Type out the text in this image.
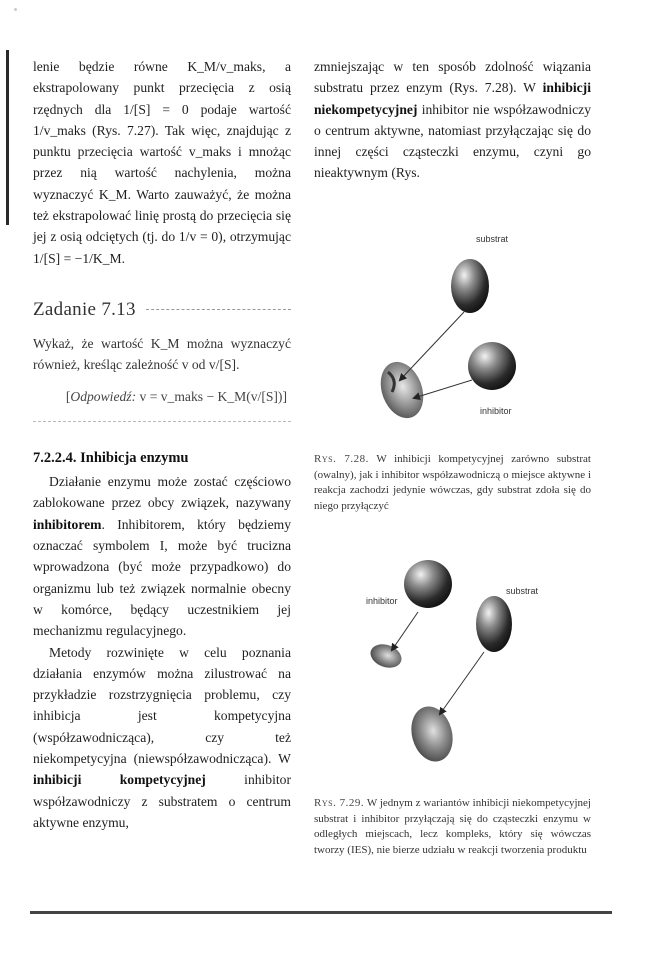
lenie będzie równe K_M/v_maks, a ekstrapolowany punkt przecięcia z osią rzędnych dla 1/[S] = 0 podaje wartość 1/v_maks (Rys. 7.27). Tak więc, znajdując z punktu przecięcia wartość v_maks i mnożąc przez nią wartość nachylenia, można wyznaczyć K_M. Warto zauważyć, że można też ekstrapolować linię prostą do przecięcia się jej z osią odciętych (tj. do 1/v = 0), otrzymując 1/[S] = −1/K_M.

Zadanie 7.13

Wykaż, że wartość K_M można wyznaczyć również, kreśląc zależność v od v/[S].

[Odpowiedź: v = v_maks − K_M(v/[S])]

7.2.2.4. Inhibicja enzymu

Działanie enzymu może zostać częściowo zablokowane przez obcy związek, nazywany inhibitorem. Inhibitorem, który będziemy oznaczać symbolem I, może być trucizna wprowadzona (być może przypadkowo) do organizmu lub też związek normalnie obecny w komórce, będący uczestnikiem jej mechanizmu regulacyjnego.

Metody rozwinięte w celu poznania działania enzymów można zilustrować na przykładzie rozstrzygnięcia problemu, czy inhibicja jest kompetycyjna (współzawodnicząca), czy też niekompetycyjna (niewspółzawodnicząca). W inhibicji kompetycyjnej inhibitor współzawodniczy z substratem o centrum aktywne enzymu,

zmniejszając w ten sposób zdolność wiązania substratu przez enzym (Rys. 7.28). W inhibicji niekompetycyjnej inhibitor nie współzawodniczy o centrum aktywne, natomiast przyłączając się do innej części cząsteczki enzymu, czyni go nieaktywnym (Rys.

substrat
inhibitor

Rys. 7.28. W inhibicji kompetycyjnej zarówno substrat (owalny), jak i inhibitor współzawodniczą o miejsce aktywne i reakcja zachodzi jedynie wówczas, gdy substrat zdoła się do niego przyłączyć

inhibitor
substrat

Rys. 7.29. W jednym z wariantów inhibicji niekompetycyjnej substrat i inhibitor przyłączają się do cząsteczki enzymu w odległych miejscach, lecz kompleks, który się wówczas tworzy (IES), nie bierze udziału w reakcji tworzenia produktu
